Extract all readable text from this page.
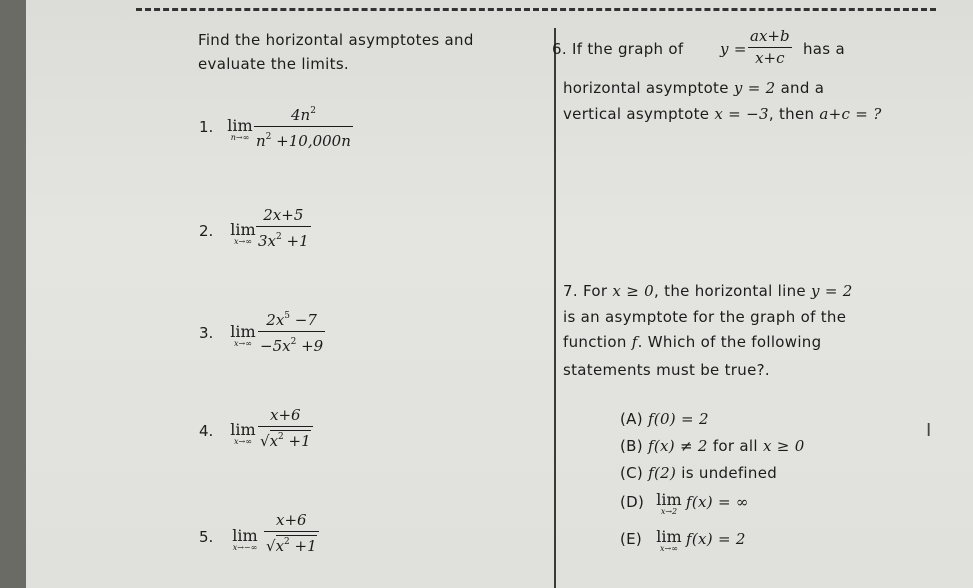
Find the horizontal asymptotes and
evaluate the limits.
1. lim
$n\to\infty \frac{4n^2}{n^2 +10,000n}$
2. lim
$x\to\infty \frac{2x+5}{3x^2 +1}$
3. lim
$x\to\infty \frac{2x^5 -7}{-5x^2 +9}$
4. lim
$x\to\infty \frac{x+6}{√x^2 +1}$
5. lim
$x\to-\infty \frac{x+6}{√x^2 +1}$
6. If the graph of $y = \frac{ax+b}{x+c}$ has a
horizontal asymptote y = 2 and a
vertical asymptote x = −3, then a+c = ?
7. For x ≥ 0, the horizontal line y = 2
is an asymptote for the graph of the
function f. Which of the following
statements must be true?.
(A) f(0) = 2
(B) f(x) ≠ 2 for all x ≥ 0
(C) f(2) is undefined
(D) lim
x→2
f(x) = ∞
(E) lim
x→∞
f(x) = 2
I
